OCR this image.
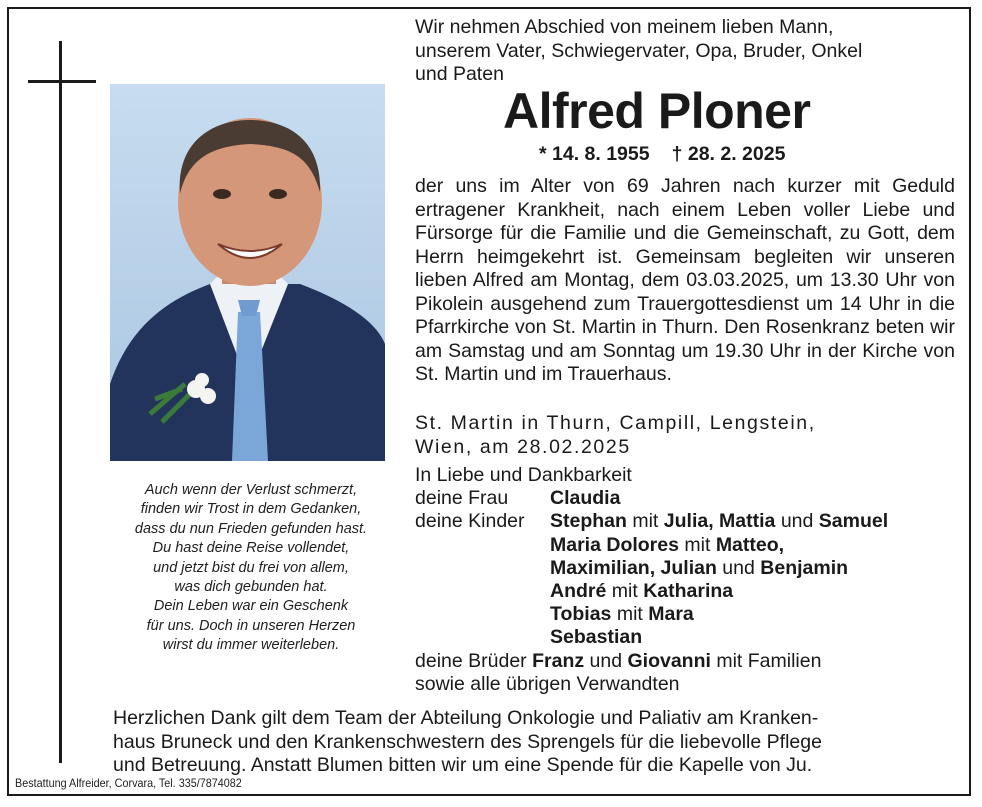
Auch wenn der Verlust schmerzt,
finden wir Trost in dem Gedanken,
dass du nun Frieden gefunden hast.
Du hast deine Reise vollendet,
und jetzt bist du frei von allem,
was dich gebunden hat.
Dein Leben war ein Geschenk
für uns. Doch in unseren Herzen
wirst du immer weiterleben.
Wir nehmen Abschied von meinem lieben Mann,
unserem Vater, Schwiegervater, Opa, Bruder, Onkel
und Paten
Alfred Ploner
* 14. 8. 1955 † 28. 2. 2025
der uns im Alter von 69 Jahren nach kurzer mit Geduld ertragener Krankheit, nach einem Leben voller Liebe und Fürsorge für die Familie und die Gemeinschaft, zu Gott, dem Herrn heimgekehrt ist. Gemeinsam begleiten wir unseren lieben Alfred am Montag, dem 03.03.2025, um 13.30 Uhr von Pikolein ausgehend zum Trauergottesdienst um 14 Uhr in die Pfarrkirche von St. Martin in Thurn. Den Rosenkranz beten wir am Samstag und am Sonntag um 19.30 Uhr in der Kirche von St. Martin und im Trauerhaus.
St. Martin in Thurn, Campill, Lengstein,
Wien, am 28.02.2025
In Liebe und Dankbarkeit
deine Frau Claudia
deine Kinder Stephan mit Julia, Mattia und Samuel
Maria Dolores mit Matteo,
Maximilian, Julian und Benjamin
André mit Katharina
Tobias mit Mara
Sebastian
deine Brüder Franz und Giovanni mit Familien
sowie alle übrigen Verwandten
Herzlichen Dank gilt dem Team der Abteilung Onkologie und Paliativ am Kranken-
haus Bruneck und den Krankenschwestern des Sprengels für die liebevolle Pflege
und Betreuung. Anstatt Blumen bitten wir um eine Spende für die Kapelle von Ju.
Bestattung Alfreider, Corvara, Tel. 335/7874082
